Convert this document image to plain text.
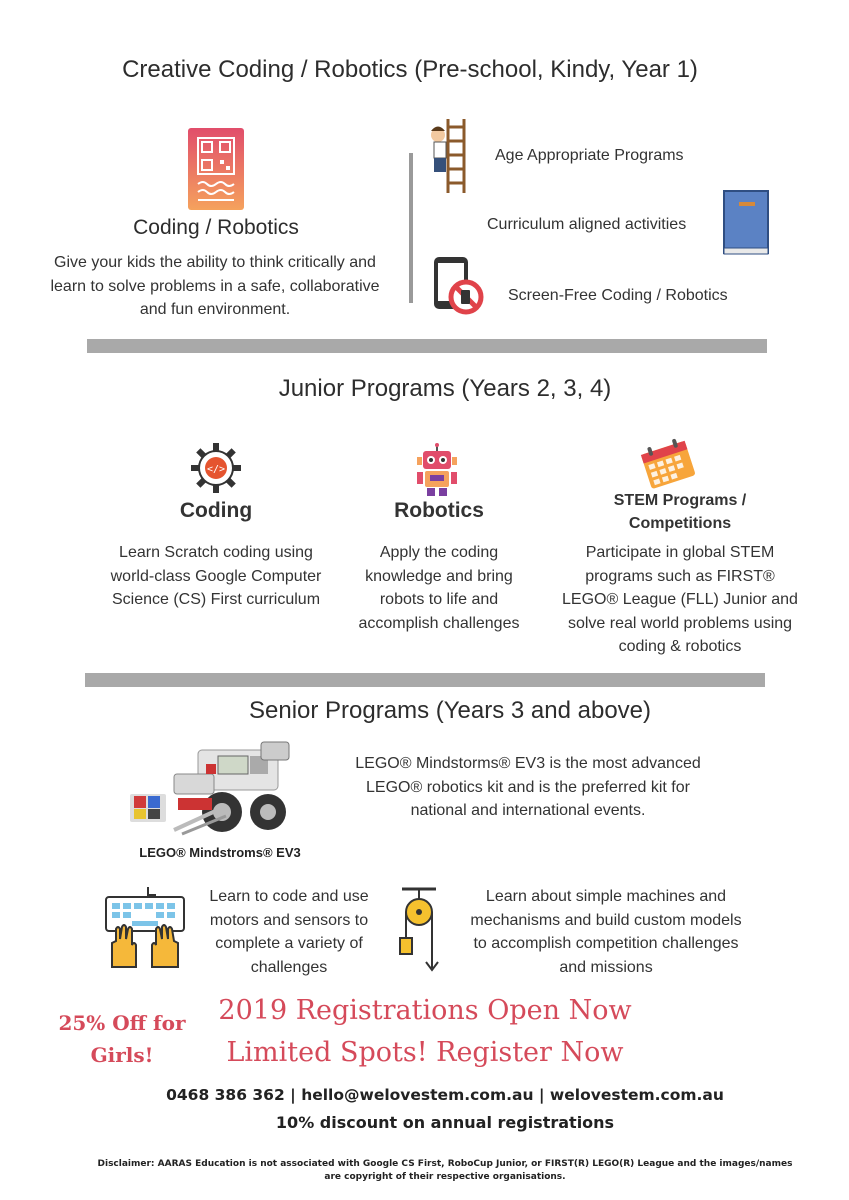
Creative Coding / Robotics (Pre-school, Kindy, Year 1)
Coding / Robotics
Give your kids the ability to think critically and learn to solve problems in a safe, collaborative and fun environment.
Age Appropriate Programs
Curriculum aligned activities
Screen-Free Coding / Robotics
Junior Programs (Years 2, 3, 4)
</>
Coding	Robotics	STEM Programs / Competitions
Learn Scratch coding using world-class Google Computer Science (CS) First curriculum
Apply the coding knowledge and bring robots to life and accomplish challenges
Participate in global STEM programs such as FIRST® LEGO® League (FLL) Junior and solve real world problems using coding & robotics
Senior Programs (Years 3 and above)
LEGO® Mindstroms® EV3
LEGO® Mindstorms® EV3 is the most advanced LEGO® robotics kit and is the preferred kit for national and international events.
Learn to code and use motors and sensors to complete a variety of challenges
Learn about simple machines and mechanisms and build custom models to accomplish competition challenges and missions
25% Off for Girls!
2019 Registrations Open Now
Limited Spots! Register Now
0468 386 362 | hello@welovestem.com.au | welovestem.com.au
10% discount on annual registrations
Disclaimer: AARAS Education is not associated with Google CS First, RoboCup Junior, or FIRST(R) LEGO(R) League and the images/names are copyright of their respective organisations.
